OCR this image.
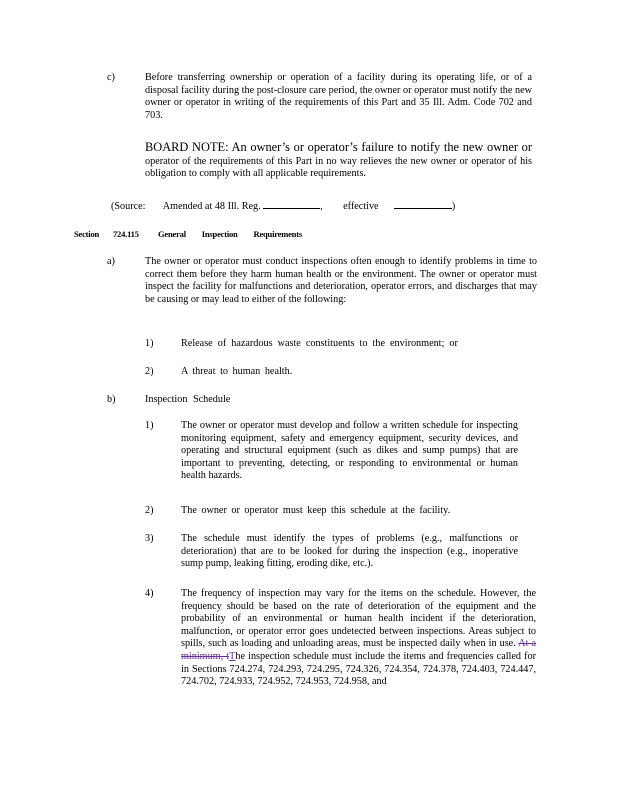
c)	Before transferring ownership or operation of a facility during its operating life, or of a disposal facility during the post-closure care period, the owner or operator must notify the new owner or operator in writing of the requirements of this Part and 35 Ill. Adm. Code 702 and 703.
BOARD NOTE: An owner’s or operator’s failure to notify the new owner or operator of the requirements of this Part in no way relieves the new owner or operator of his obligation to comply with all applicable requirements.
(Source: Amended at 48 Ill. Reg.	, effective	)
Section 724.115 General Inspection Requirements
a)	The owner or operator must conduct inspections often enough to identify problems in time to correct them before they harm human health or the environment. The owner or operator must inspect the facility for malfunctions and deterioration, operator errors, and discharges that may be causing or may lead to either of the following:
1)	Release of hazardous waste constituents to the environment; or
2)	A threat to human health.
b)	Inspection Schedule
1)	The owner or operator must develop and follow a written schedule for inspecting monitoring equipment, safety and emergency equipment, security devices, and operating and structural equipment (such as dikes and sump pumps) that are important to preventing, detecting, or responding to environmental or human health hazards.
2)	The owner or operator must keep this schedule at the facility.
3)	The schedule must identify the types of problems (e.g., malfunctions or deterioration) that are to be looked for during the inspection (e.g., inoperative sump pump, leaking fitting, eroding dike, etc.).
4)	The frequency of inspection may vary for the items on the schedule. However, the frequency should be based on the rate of deterioration of the equipment and the probability of an environmental or human health incident if the deterioration, malfunction, or operator error goes undetected between inspections. Areas subject to spills, such as loading and unloading areas, must be inspected daily when in use. At a minimum, tThe inspection schedule must include the items and frequencies called for in Sections 724.274, 724.293, 724.295, 724.326, 724.354, 724.378, 724.403, 724.447, 724.702, 724.933, 724.952, 724.953, 724.958, and
